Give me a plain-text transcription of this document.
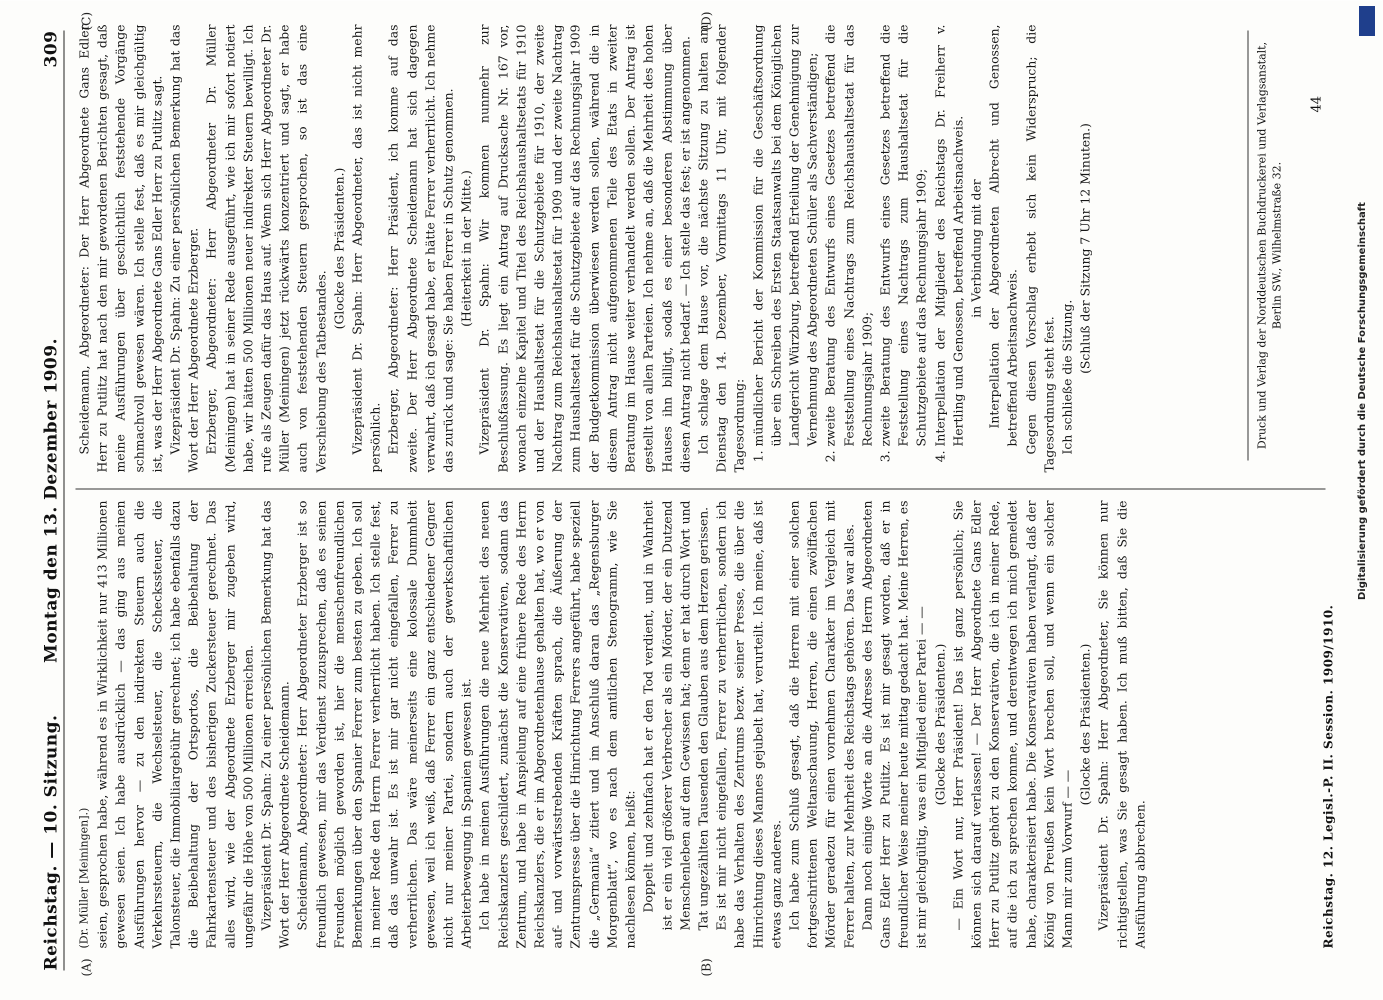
Reichstag. — 10. Sitzung.
Montag den 13. Dezember 1909.
309
(A)	(B)
(C)	(D)

(Dr. Müller [Meiningen].) seien, gesprochen habe, während es in Wirklichkeit nur 413 Millionen gewesen seien. Ich habe ausdrücklich — das ging aus meinen Ausführungen hervor — zu den indirekten Steuern auch die Verkehrssteuern, die Wechselsteuer, die Scheckssteuer, die Talonsteuer, die Immobiliargebühr gerechnet; ich habe ebenfalls dazu die Beibehaltung der Ortsportos, die Beibehaltung der Fahrkartensteuer und des bisherigen Zuckersteuer gerechnet. Das alles wird, wie der Abgeordnete Erzberger mir zugeben wird, ungefähr die Höhe von 500 Millionen erreichen. Vizepräsident Dr. Spahn: Zu einer persönlichen Bemerkung hat das Wort der Herr Abgeordnete Scheidemann. Scheidemann, Abgeordneter: Herr Abgeordneter Erzberger ist so freundlich gewesen, mir das Verdienst zuzusprechen, daß es seinen Freunden möglich geworden ist, hier die menschenfreundlichen Bemerkungen über den Spanier Ferrer zum besten zu geben. Ich soll in meiner Rede den Herrn Ferrer verherrlicht haben. Ich stelle fest, daß das unwahr ist. Es ist mir gar nicht eingefallen, Ferrer zu verherrlichen. Das wäre meinerseits eine kolossale Dummheit gewesen, weil ich weiß, daß Ferrer ein ganz entschiedener Gegner nicht nur meiner Partei, sondern auch der gewerkschaftlichen Arbeiterbewegung in Spanien gewesen ist. Ich habe in meinen Ausführungen die neue Mehrheit des neuen Reichskanzlers geschildert, zunächst die Konservativen, sodann das Zentrum, und habe in Anspielung auf eine frühere Rede des Herrn Reichskanzlers, die er im Abgeordnetenhause gehalten hat, wo er von auf- und vorwärtsstrebenden Kräften sprach, die Äußerung der Zentrumspresse über die Hinrichtung Ferrers angeführt, habe speziell die „Germania“ zitiert und im Anschluß daran das „Regensburger Morgenblatt“, wo es nach dem amtlichen Stenogramm, wie Sie nachlesen können, heißt: Doppelt und zehnfach hat er den Tod verdient, und in Wahrheit ist er ein viel größerer Verbrecher als ein Mörder, der ein Dutzend Menschenleben auf dem Gewissen hat; denn er hat durch Wort und Tat ungezählten Tausenden den Glauben aus dem Herzen gerissen. Es ist mir nicht eingefallen, Ferrer zu verherrlichen, sondern ich habe das Verhalten des Zentrums bezw. seiner Presse, die über die Hinrichtung dieses Mannes gejubelt hat, verurteilt. Ich meine, daß ist etwas ganz anderes. Ich habe zum Schluß gesagt, daß die Herren mit einer solchen fortgeschrittenen Weltanschauung, Herren, die einen zwölffachen Mörder geradezu für einen vornehmen Charakter im Vergleich mit Ferrer halten, zur Mehrheit des Reichstags gehören. Das war alles. Dann noch einige Worte an die Adresse des Herrn Abgeordneten Gans Edler Herr zu Putlitz. Es ist mir gesagt worden, daß er in freundlicher Weise meiner heute mittag gedacht hat. Meine Herren, es ist mir gleichgültig, was ein Mitglied einer Partei — — (Glocke des Präsidenten.) — Ein Wort nur, Herr Präsident! Das ist ganz persönlich; Sie können sich darauf verlassen! — Der Herr Abgeordnete Gans Edler Herr zu Putlitz gehört zu den Konservativen, die ich in meiner Rede, auf die ich zu sprechen komme, und derentwegen ich mich gemeldet habe, charakterisiert habe. Die Konservativen haben verlangt, daß der König von Preußen kein Wort brechen soll, und wenn ein solcher Mann mir zum Vorwurf — —

(Glocke des Präsidenten.) Vizepräsident Dr. Spahn: Herr Abgeordneter, Sie können nur richtigstellen, was Sie gesagt haben. Ich muß bitten, daß Sie die Ausführung abbrechen.

Scheidemann, Abgeordneter: Der Herr Abgeordnete Gans Edler Herr zu Putlitz hat nach den mir gewordenen Berichten gesagt, daß meine Ausführungen über geschichtlich feststehende Vorgänge schmachvoll gewesen wären. Ich stelle fest, daß es mir gleichgültig ist, was der Herr Abgeordnete Gans Edler Herr zu Putlitz sagt. Vizepräsident Dr. Spahn: Zu einer persönlichen Bemerkung hat das Wort der Herr Abgeordnete Erzberger. Erzberger, Abgeordneter: Herr Abgeordneter Dr. Müller (Meiningen) hat in seiner Rede ausgeführt, wie ich mir sofort notiert habe, wir hätten 500 Millionen neuer indirekter Steuern bewilligt. Ich rufe als Zeugen dafür das Haus auf. Wenn sich Herr Abgeordneter Dr. Müller (Meiningen) jetzt rückwärts konzentriert und sagt, er habe auch von feststehenden Steuern gesprochen, so ist das eine Verschiebung des Tatbestandes.

(Glocke des Präsidenten.) Vizepräsident Dr. Spahn: Herr Abgeordneter, das ist nicht mehr persönlich. Erzberger, Abgeordneter: Herr Präsident, ich komme auf das zweite. Der Herr Abgeordnete Scheidemann hat sich dagegen verwahrt, daß ich gesagt habe, er hätte Ferrer verherrlicht. Ich nehme das zurück und sage: Sie haben Ferrer in Schutz genommen. (Heiterkeit in der Mitte.) Vizepräsident Dr. Spahn: Wir kommen nunmehr zur Beschlußfassung. Es liegt ein Antrag auf Drucksache Nr. 167 vor, wonach einzelne Kapitel und Titel des Reichshaushaltsetats für 1910 und der Haushaltsetat für die Schutzgebiete für 1910, der zweite Nachtrag zum Reichshaushaltsetat für 1909 und der zweite Nachtrag zum Haushaltsetat für die Schutzgebiete auf das Rechnungsjahr 1909 der Budgetkommission überwiesen werden sollen, während die in diesem Antrag nicht aufgenommenen Teile des Etats in zweiter Beratung im Hause weiter verhandelt werden sollen. Der Antrag ist gestellt von allen Parteien. Ich nehme an, daß die Mehrheit des hohen Hauses ihn billigt, sodaß es einer besonderen Abstimmung über diesen Antrag nicht bedarf. — Ich stelle das fest; er ist angenommen. Ich schlage dem Hause vor, die nächste Sitzung zu halten am Dienstag den 14. Dezember, Vormittags 11 Uhr, mit folgender Tagesordnung: 1. mündlicher Bericht der Kommission für die Geschäftsordnung über ein Schreiben des Ersten Staatsanwalts bei dem Königlichen Landgericht Würzburg, betreffend Erteilung der Genehmigung zur Vernehmung des Abgeordneten Schüler als Sachverständigen; 2. zweite Beratung des Entwurfs eines Gesetzes betreffend die Feststellung eines Nachtrags zum Reichshaushaltsetat für das Rechnungsjahr 1909; 3. zweite Beratung des Entwurfs eines Gesetzes betreffend die Feststellung eines Nachtrags zum Haushaltsetat für die Schutzgebiete auf das Rechnungsjahr 1909; 4. Interpellation der Mitglieder des Reichstags Dr. Freiherr v. Hertling und Genossen, betreffend Arbeitsnachweis. in Verbindung mit der Interpellation der Abgeordneten Albrecht und Genossen, betreffend Arbeitsnachweis. Gegen diesen Vorschlag erhebt sich kein Widerspruch; die Tagesordnung steht fest. Ich schließe die Sitzung.

(Schluß der Sitzung 7 Uhr 12 Minuten.)	Druck und Verlag der Norddeutschen Buchdruckerei und Verlagsanstalt, Berlin SW., Wilhelmstraße 32.
Reichstag. 12. Legisl.-P. II. Session. 1909/1910.
44
Digitalisierung gefördert durch die Deutsche Forschungsgemeinschaft
